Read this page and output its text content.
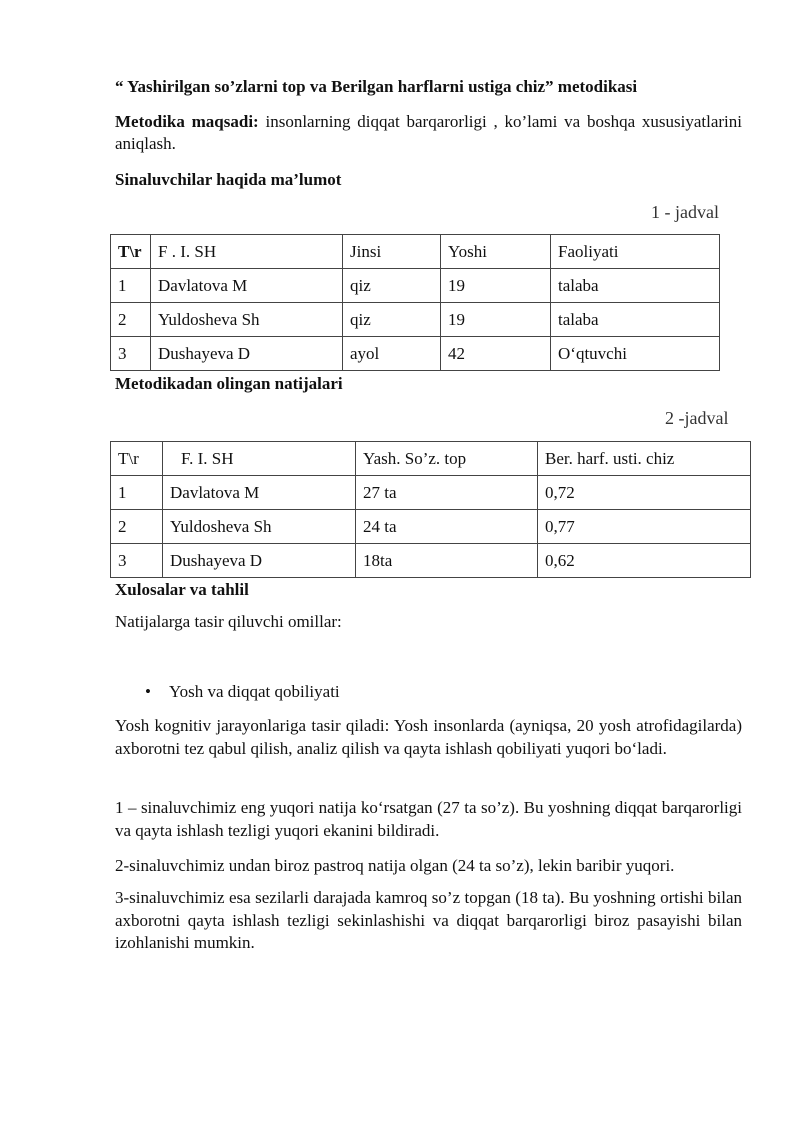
“ Yashirilgan so’zlarni top va Berilgan harflarni ustiga chiz” metodikasi
Metodika maqsadi: insonlarning diqqat barqarorligi , ko’lami va boshqa xususiyatlarini aniqlash.
Sinaluvchilar haqida ma’lumot
1 - jadval
T\r	F . I. SH	Jinsi	Yoshi	Faoliyati
1	Davlatova M	qiz	19	talaba
2	Yuldosheva Sh	qiz	19	talaba
3	Dushayeva D	ayol	42	O‘qtuvchi
Metodikadan olingan natijalari
2 -jadval
T\r	F. I. SH	Yash. So’z. top	Ber. harf. usti. chiz
1	Davlatova M	27 ta	0,72
2	Yuldosheva Sh	24 ta	0,77
3	Dushayeva D	18ta	0,62
Xulosalar va tahlil
Natijalarga tasir qiluvchi omillar:
• Yosh va diqqat qobiliyati
Yosh kognitiv jarayonlariga tasir qiladi: Yosh insonlarda (ayniqsa, 20 yosh atrofidagilarda) axborotni tez qabul qilish, analiz qilish va qayta ishlash qobiliyati yuqori bo‘ladi.
1 – sinaluvchimiz eng yuqori natija ko‘rsatgan (27 ta so’z). Bu yoshning diqqat barqarorligi va qayta ishlash tezligi yuqori ekanini bildiradi.
2-sinaluvchimiz undan biroz pastroq natija olgan (24 ta so’z), lekin baribir yuqori.
3-sinaluvchimiz esa sezilarli darajada kamroq so’z topgan (18 ta). Bu yoshning ortishi bilan axborotni qayta ishlash tezligi sekinlashishi va diqqat barqarorligi biroz pasayishi bilan izohlanishi mumkin.
